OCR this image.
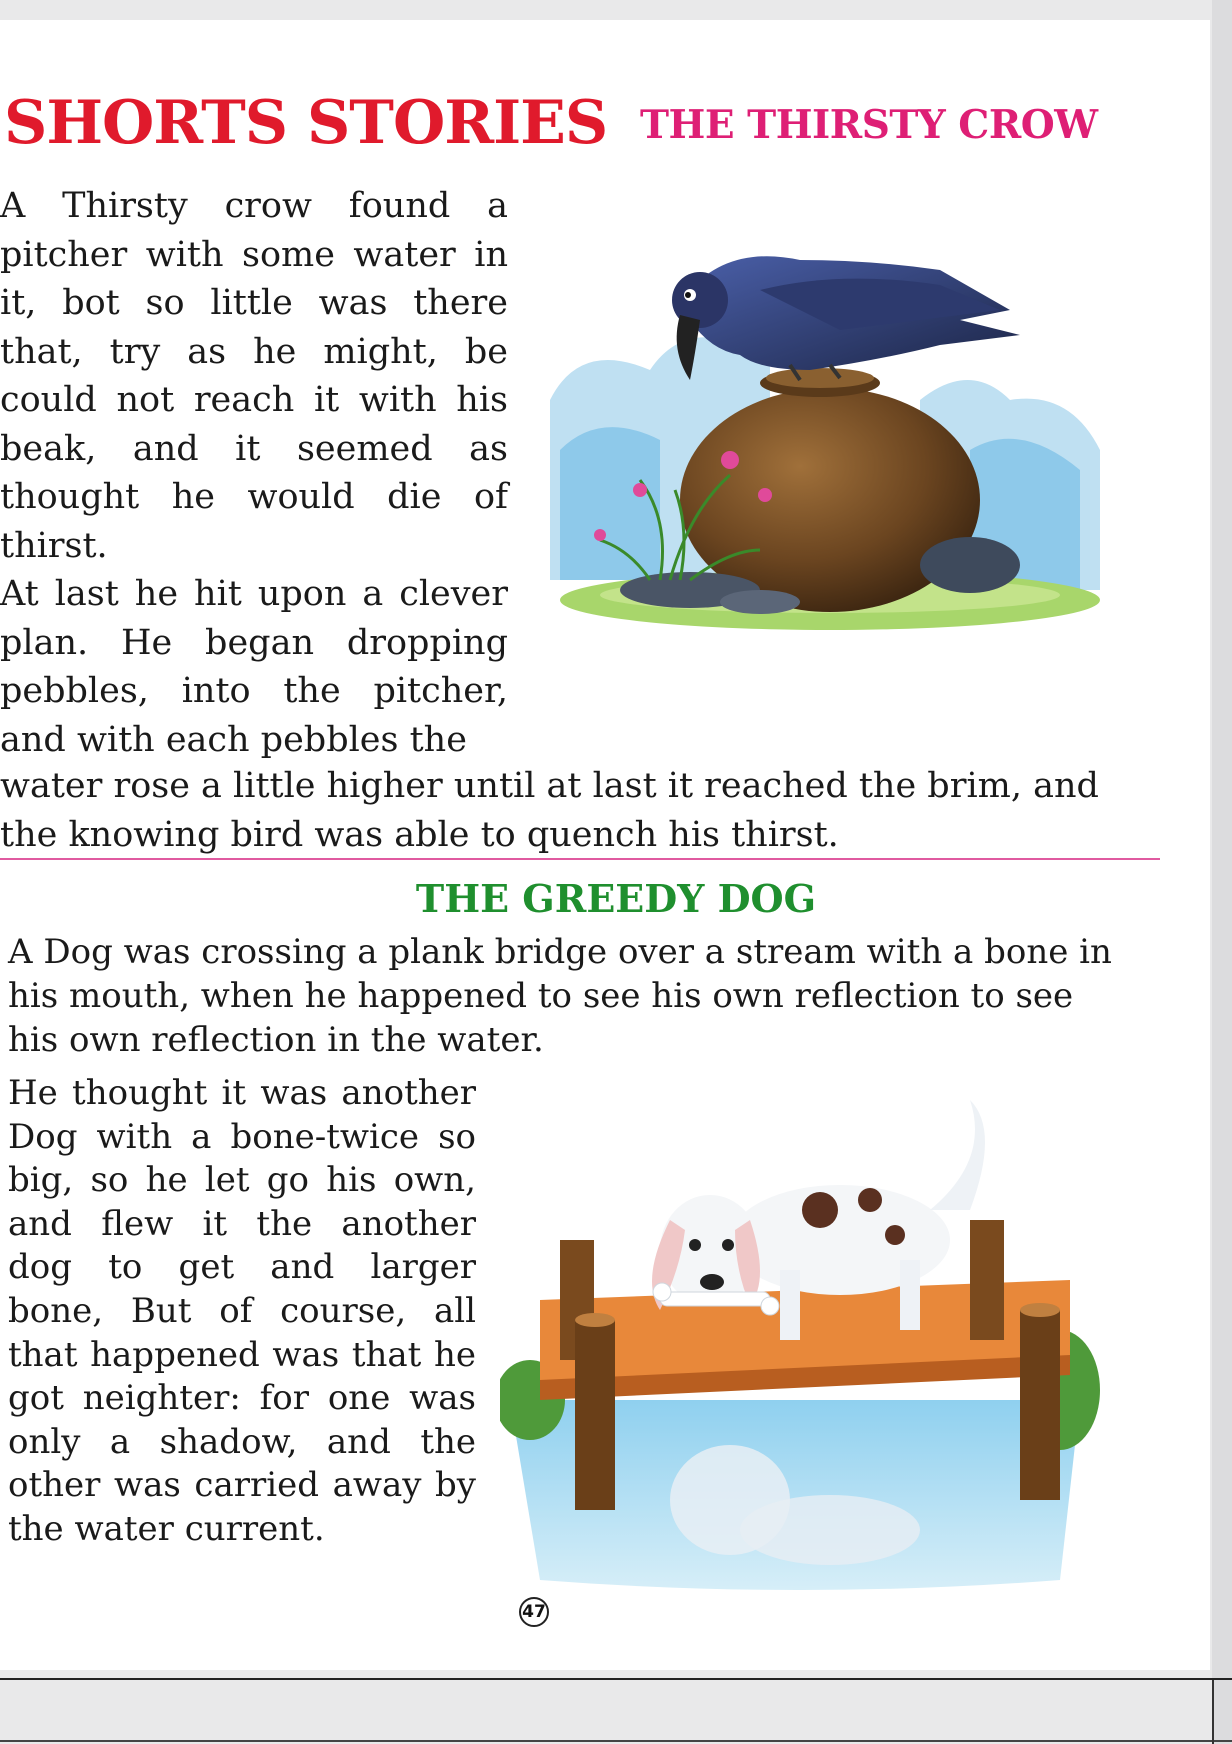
SHORTS STORIES THE THIRSTY CROW

A Thirsty crow found a pitcher with some water in it, bot so little was there that, try as he might, be could not reach it with his beak, and it seemed as thought he would die of thirst.
At last he hit upon a clever plan. He began dropping pebbles, into the pitcher, and with each pebbles the

water rose a little higher until at last it reached the brim, and the knowing bird was able to quench his thirst.

THE GREEDY DOG

A Dog was crossing a plank bridge over a stream with a bone in his mouth, when he happened to see his own reflection to see his own reflection in the water.

He thought it was another Dog with a bone-twice so big, so he let go his own, and flew it the another dog to get and larger bone, But of course, all that happened was that he got neighter: for one was only a shadow, and the other was carried away by the water current.

47
